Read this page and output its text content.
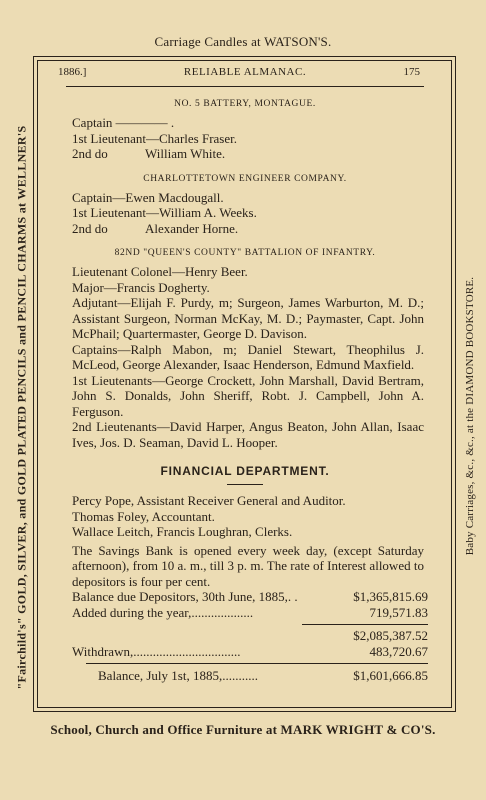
Carriage Candles at WATSON'S.
"Fairchild's" GOLD, SILVER, and GOLD PLATED PENCILS and PENCIL CHARMS at WELLNER'S	Baby Carriages, &c., &c., at the DIAMOND BOOKSTORE.
1886.]	RELIABLE ALMANAC.	175
NO. 5 BATTERY, MONTAGUE.
Captain ———— .
1st Lieutenant—Charles Fraser.
2nd do	William White.
CHARLOTTETOWN ENGINEER COMPANY.
Captain—Ewen Macdougall.
1st Lieutenant—William A. Weeks.
2nd do	Alexander Horne.
82ND "QUEEN'S COUNTY" BATTALION OF INFANTRY.
Lieutenant Colonel—Henry Beer.
Major—Francis Dogherty.
Adjutant—Elijah F. Purdy, m; Surgeon, James Warburton, M. D.; Assistant Surgeon, Norman McKay, M. D.; Paymaster, Capt. John McPhail; Quartermaster, George D. Davison.
Captains—Ralph Mabon, m; Daniel Stewart, Theophilus J. McLeod, George Alexander, Isaac Henderson, Edmund Maxfield.
1st Lieutenants—George Crockett, John Marshall, David Bertram, John S. Donalds, John Sheriff, Robt. J. Campbell, John A. Ferguson.
2nd Lieutenants—David Harper, Angus Beaton, John Allan, Isaac Ives, Jos. D. Seaman, David L. Hooper.
FINANCIAL DEPARTMENT.
Percy Pope, Assistant Receiver General and Auditor.
Thomas Foley, Accountant.
Wallace Leitch, Francis Loughran, Clerks.
The Savings Bank is opened every week day, (except Saturday afternoon), from 10 a. m., till 3 p. m. The rate of Interest allowed to depositors is four per cent.
Balance due Depositors, 30th June, 1885,. .	$1,365,815.69
Added during the year,...................	719,571.83
$2,085,387.52
Withdrawn,.................................	483,720.67
Balance, July 1st, 1885,...........	$1,601,666.85
School, Church and Office Furniture at MARK WRIGHT & CO'S.
